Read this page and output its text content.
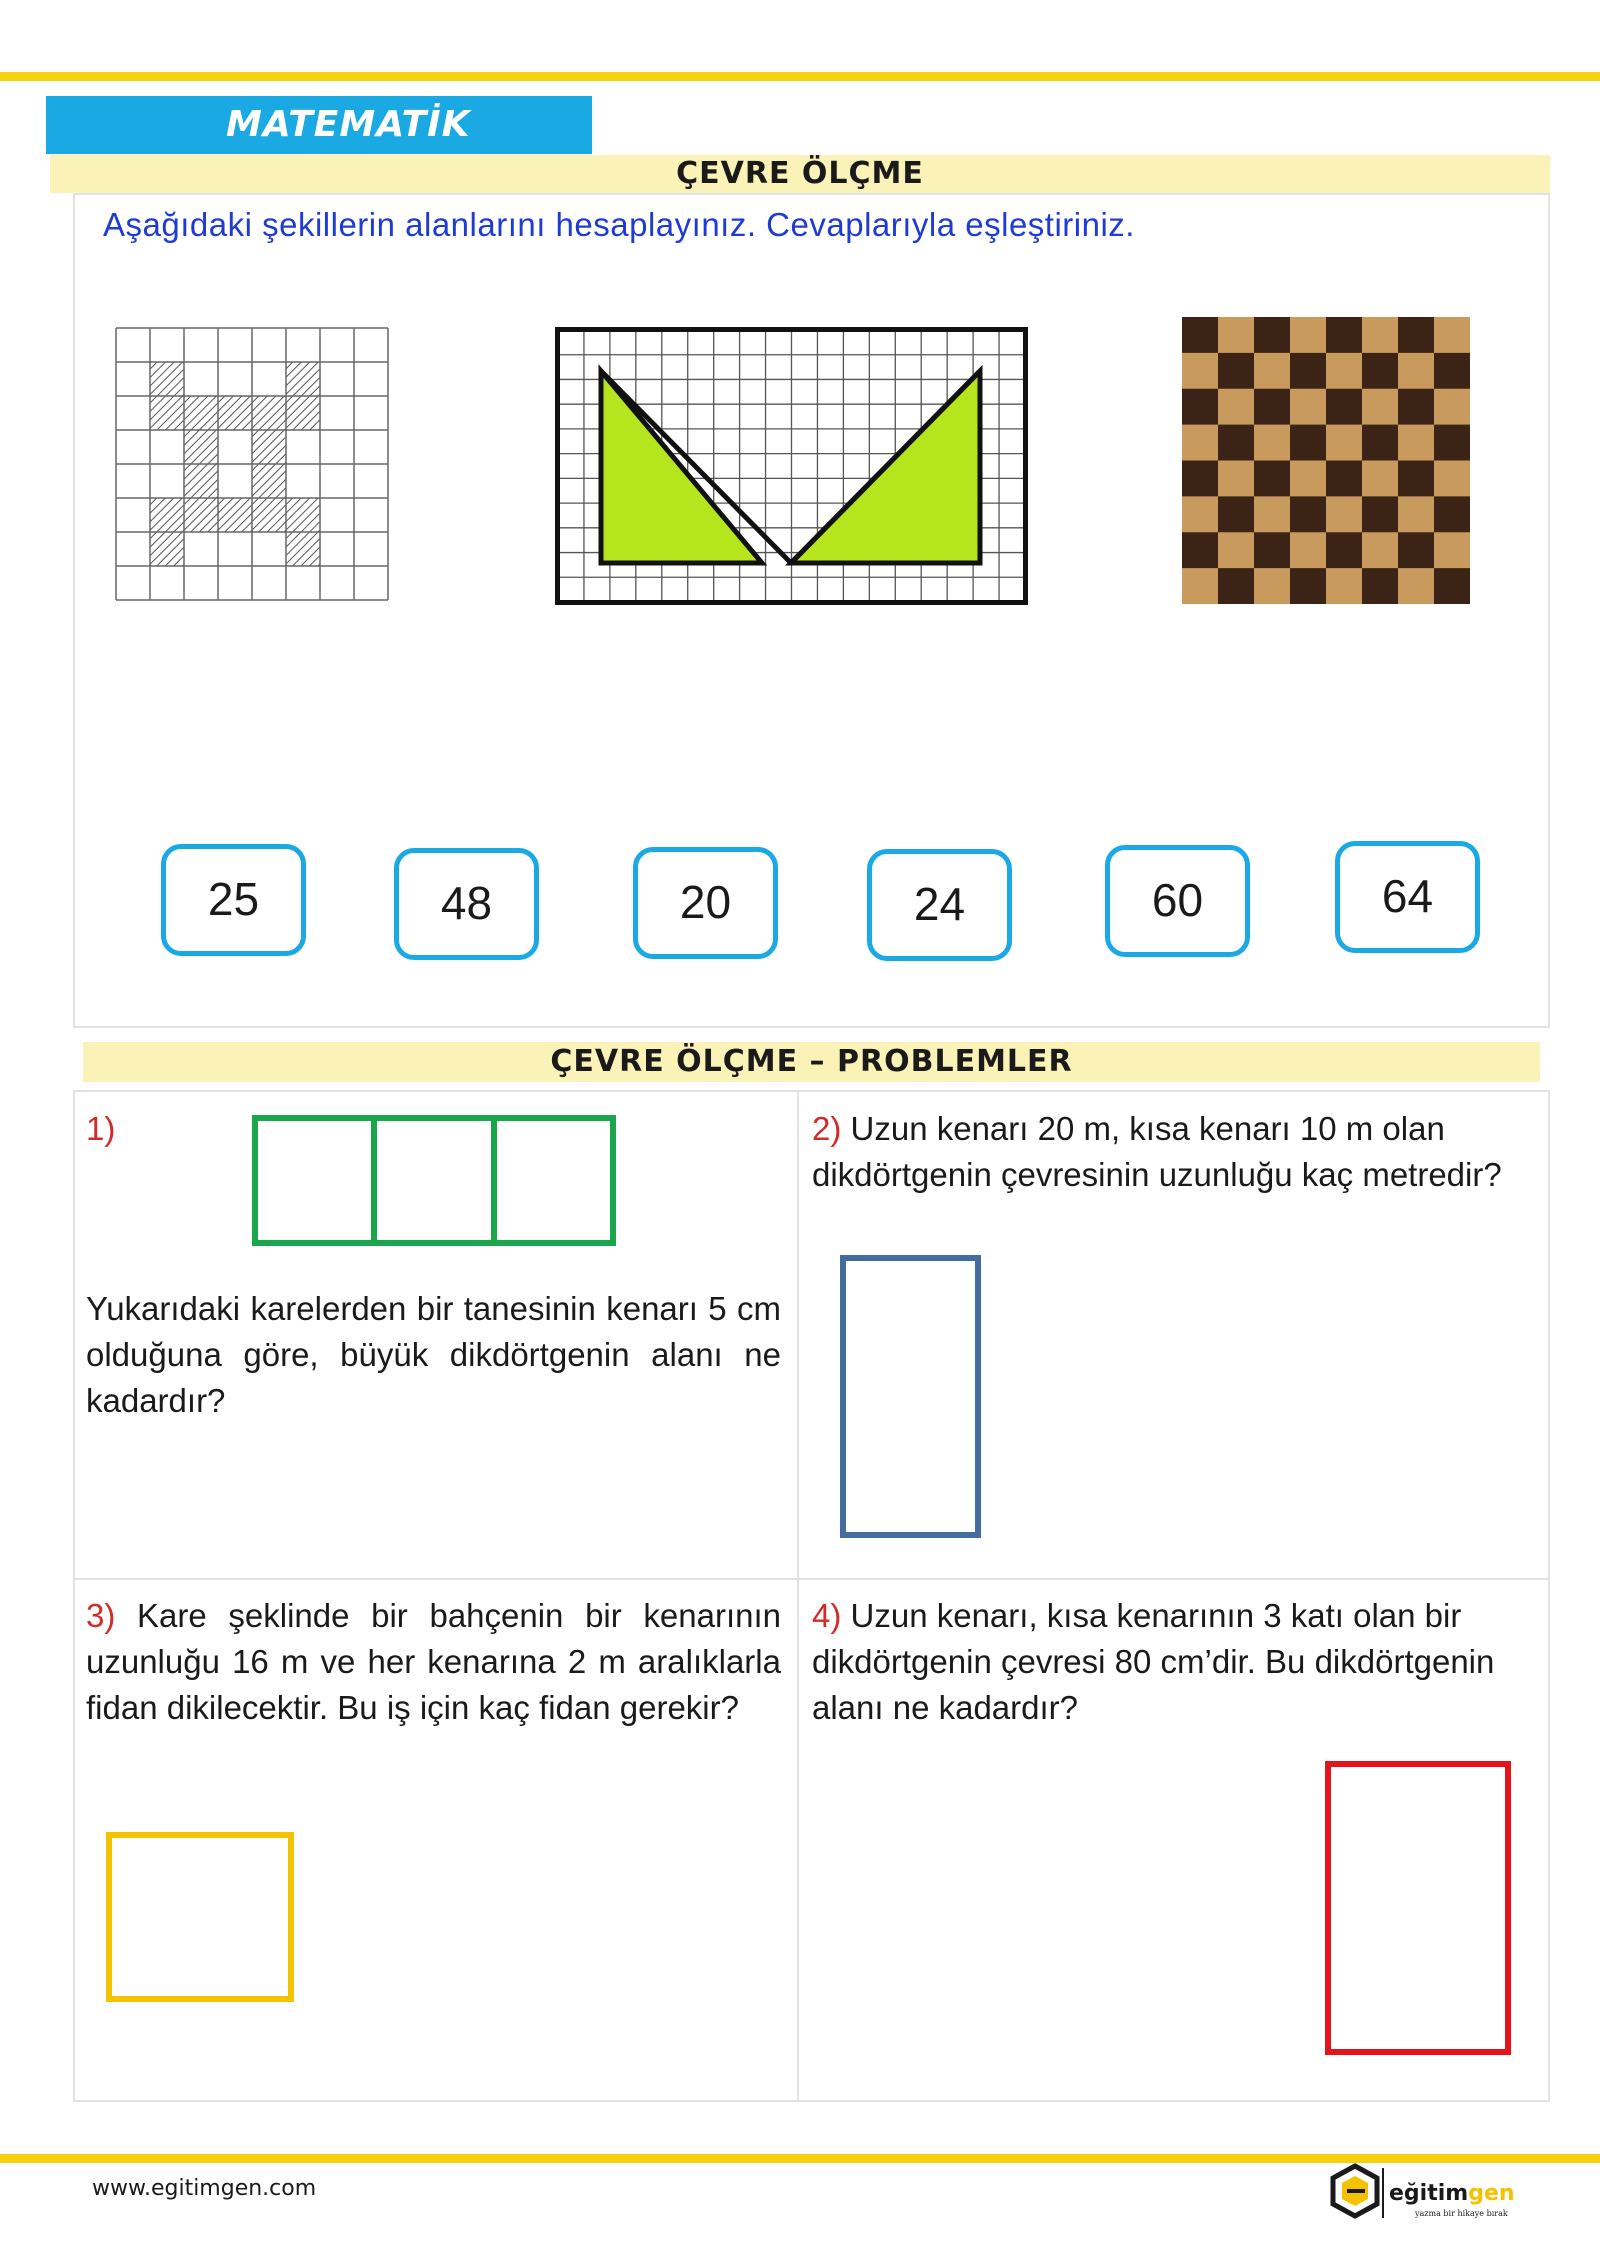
MATEMATİK
ÇEVRE ÖLÇME
Aşağıdaki şekillerin alanlarını hesaplayınız. Cevaplarıyla eşleştiriniz.
25	48	20	24	60	64
ÇEVRE ÖLÇME – PROBLEMLER
1)
Yukarıdaki karelerden bir tanesinin kenarı 5 cm olduğuna göre, büyük dikdörtgenin alanı ne kadardır?
2) Uzun kenarı 20 m, kısa kenarı 10 m olan dikdörtgenin çevresinin uzunluğu kaç metredir?
3) Kare şeklinde bir bahçenin bir kenarının uzunluğu 16 m ve her kenarına 2 m aralıklarla fidan dikilecektir. Bu iş için kaç fidan gerekir?
4) Uzun kenarı, kısa kenarının 3 katı olan bir dikdörtgenin çevresi 80 cm’dir. Bu dikdörtgenin alanı ne kadardır?
www.egitimgen.com	eğitimgen
yazma bir hikaye bırak
